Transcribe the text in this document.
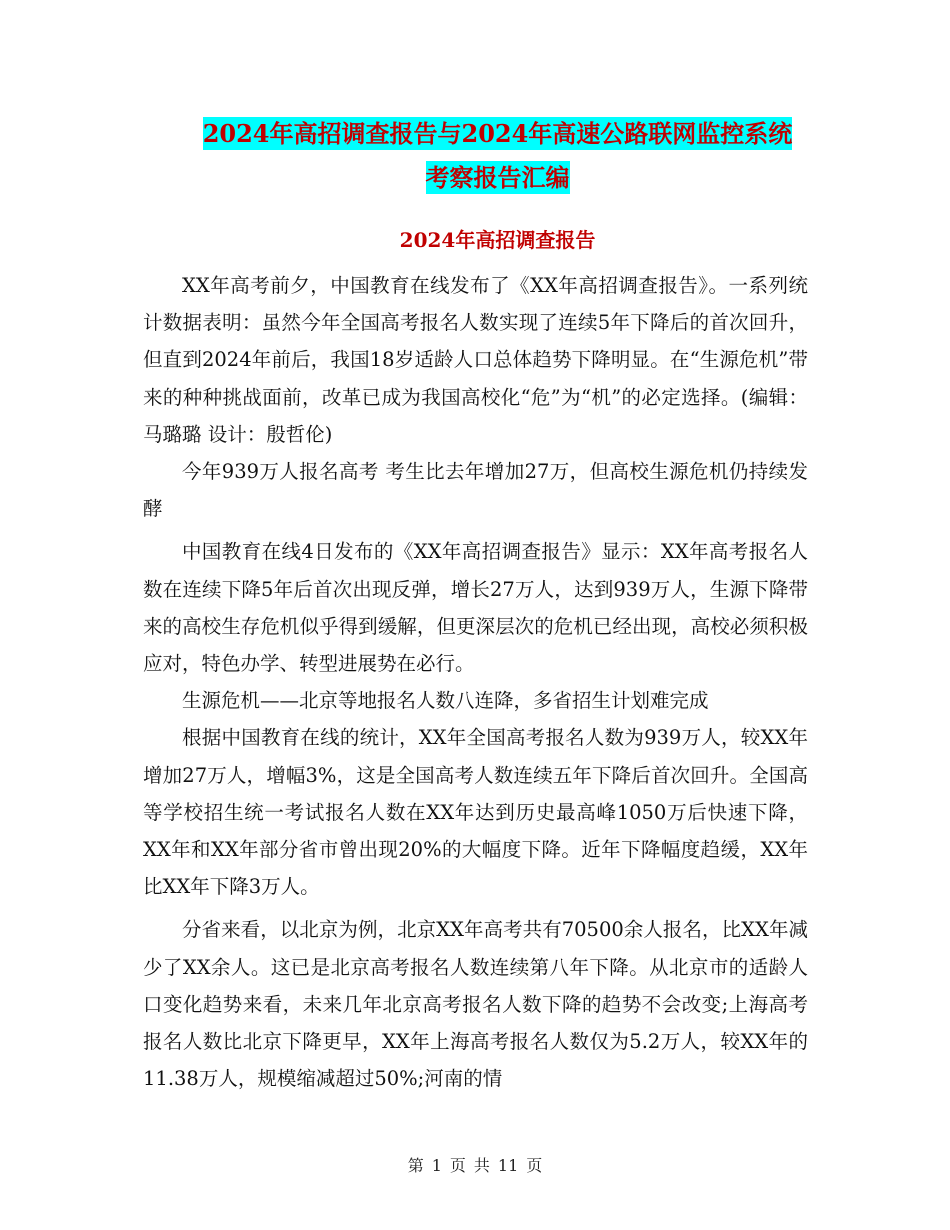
2024年高招调查报告与2024年高速公路联网监控系统
考察报告汇编
2024年高招调查报告

XX年高考前夕，中国教育在线发布了《XX年高招调查报告》。一系列统计数据表明：虽然今年全国高考报名人数实现了连续5年下降后的首次回升，但直到2024年前后，我国18岁适龄人口总体趋势下降明显。在“生源危机”带来的种种挑战面前，改革已成为我国高校化“危”为“机”的必定选择。(编辑：马璐璐 设计：殷哲伦)

今年939万人报名高考 考生比去年增加27万，但高校生源危机仍持续发酵

中国教育在线4日发布的《XX年高招调查报告》显示：XX年高考报名人数在连续下降5年后首次出现反弹，增长27万人，达到939万人，生源下降带来的高校生存危机似乎得到缓解，但更深层次的危机已经出现，高校必须积极应对，特色办学、转型进展势在必行。

生源危机——北京等地报名人数八连降，多省招生计划难完成

根据中国教育在线的统计，XX年全国高考报名人数为939万人，较XX年增加27万人，增幅3%，这是全国高考人数连续五年下降后首次回升。全国高等学校招生统一考试报名人数在XX年达到历史最高峰1050万后快速下降，XX年和XX年部分省市曾出现20%的大幅度下降。近年下降幅度趋缓，XX年比XX年下降3万人。

分省来看，以北京为例，北京XX年高考共有70500余人报名，比XX年减少了XX余人。这已是北京高考报名人数连续第八年下降。从北京市的适龄人口变化趋势来看，未来几年北京高考报名人数下降的趋势不会改变;上海高考报名人数比北京下降更早，XX年上海高考报名人数仅为5.2万人，较XX年的11.38万人，规模缩减超过50%;河南的情

第 1 页 共 11 页
